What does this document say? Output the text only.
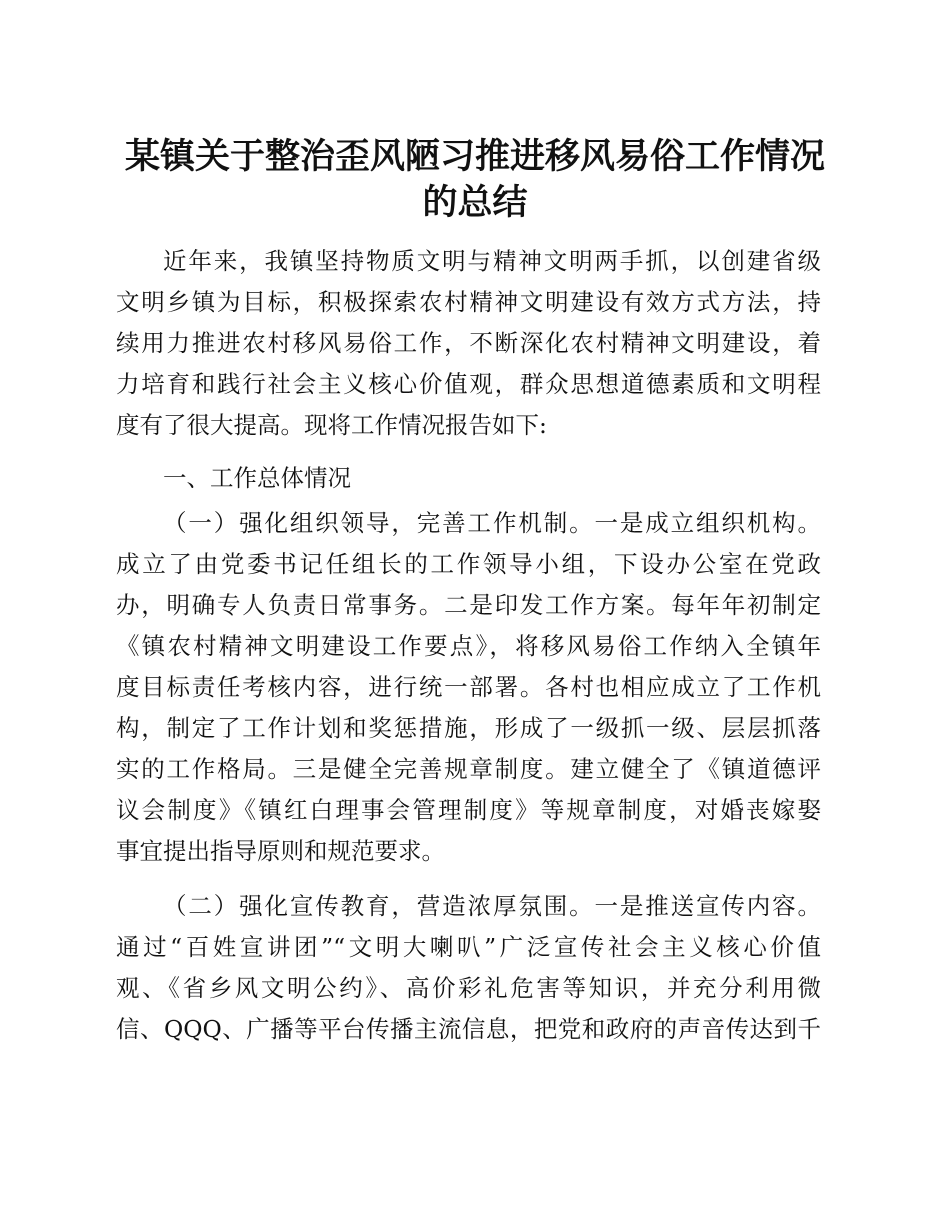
某镇关于整治歪风陋习推进移风易俗工作情况
的总结
近年来，我镇坚持物质文明与精神文明两手抓，以创建省级
文明乡镇为目标，积极探索农村精神文明建设有效方式方法，持
续用力推进农村移风易俗工作，不断深化农村精神文明建设，着
力培育和践行社会主义核心价值观，群众思想道德素质和文明程
度有了很大提高。现将工作情况报告如下:
一、工作总体情况
（一）强化组织领导，完善工作机制。一是成立组织机构。
成立了由党委书记任组长的工作领导小组，下设办公室在党政
办，明确专人负责日常事务。二是印发工作方案。每年年初制定
《镇农村精神文明建设工作要点》，将移风易俗工作纳入全镇年
度目标责任考核内容，进行统一部署。各村也相应成立了工作机
构，制定了工作计划和奖惩措施，形成了一级抓一级、层层抓落
实的工作格局。三是健全完善规章制度。建立健全了《镇道德评
议会制度》《镇红白理事会管理制度》等规章制度，对婚丧嫁娶
事宜提出指导原则和规范要求。
（二）强化宣传教育，营造浓厚氛围。一是推送宣传内容。
通过“百姓宣讲团”“文明大喇叭”广泛宣传社会主义核心价值
观、《省乡风文明公约》、高价彩礼危害等知识，并充分利用微
信、QQQ、广播等平台传播主流信息，把党和政府的声音传达到千
